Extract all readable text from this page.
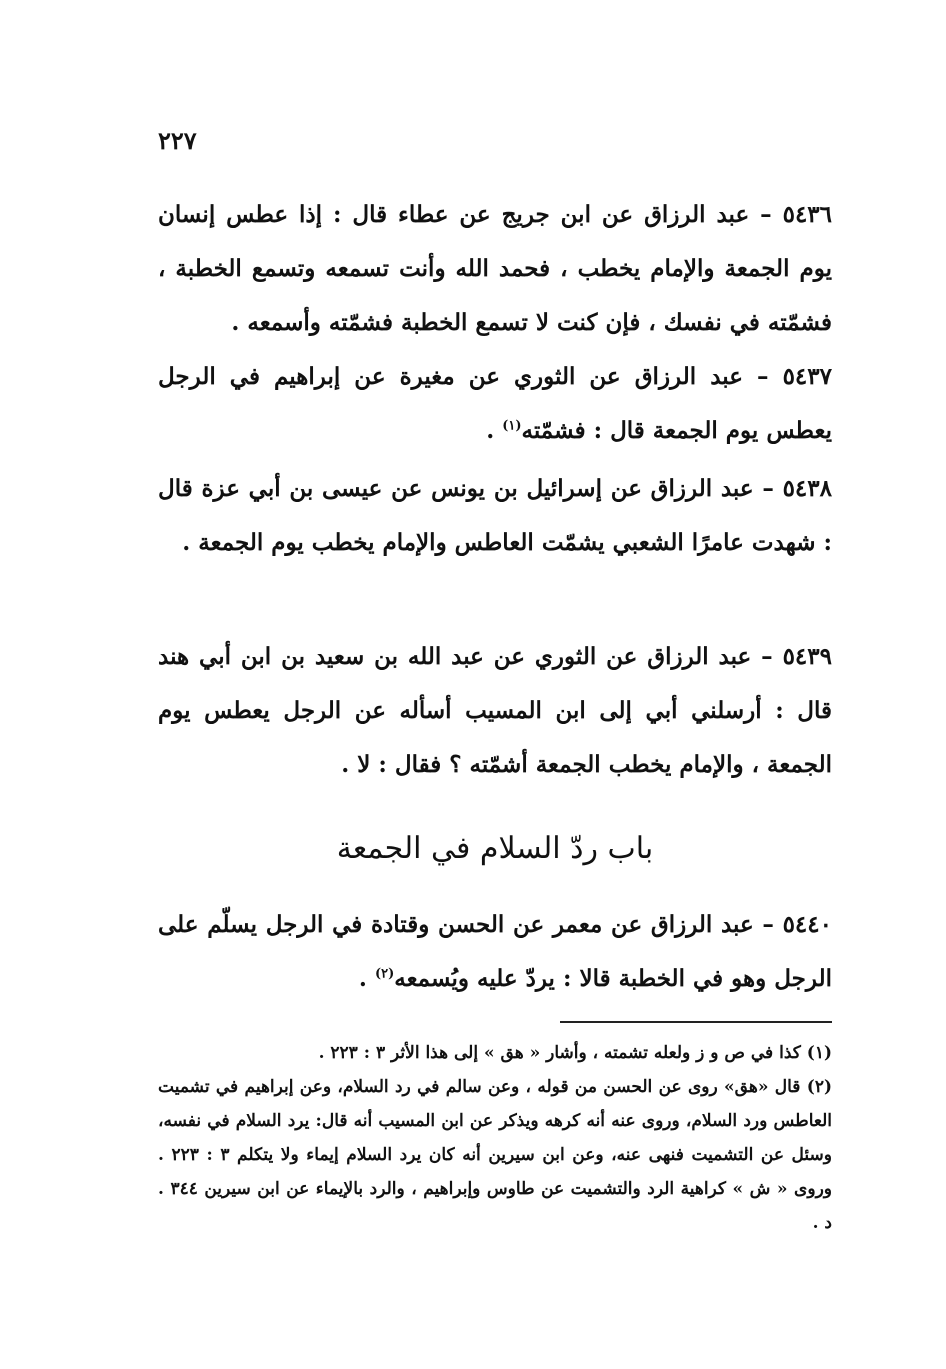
٢٢٧
٥٤٣٦ – عبد الرزاق عن ابن جريج عن عطاء قال : إذا عطس إنسان يوم الجمعة والإمام يخطب ، فحمد الله وأنت تسمعه وتسمع الخطبة ، فشمّته في نفسك ، فإن كنت لا تسمع الخطبة فشمّته وأسمعه .
٥٤٣٧ – عبد الرزاق عن الثوري عن مغيرة عن إبراهيم في الرجل يعطس يوم الجمعة قال : فشمّته$^{(١)}$ .
٥٤٣٨ – عبد الرزاق عن إسرائيل بن يونس عن عيسى بن أبي عزة قال : شهدت عامرًا الشعبي يشمّت العاطس والإمام يخطب يوم الجمعة .
٥٤٣٩ – عبد الرزاق عن الثوري عن عبد الله بن سعيد بن ابن أبي هند قال : أرسلني أبي إلى ابن المسيب أسأله عن الرجل يعطس يوم الجمعة ، والإمام يخطب الجمعة أشمّته ؟ فقال : لا .
باب ردّ السلام في الجمعة
٥٤٤٠ – عبد الرزاق عن معمر عن الحسن وقتادة في الرجل يسلّم على الرجل وهو في الخطبة قالا : يردّ عليه ويُسمعه$^{(٢)}$ .

(١) كذا في ص و ز ولعله تشمته ، وأشار « هق » إلى هذا الأثر ٣ : ٢٢٣ .

(٢) قال «هق» روى عن الحسن من قوله ، وعن سالم في رد السلام، وعن إبراهيم في تشميت العاطس ورد السلام، وروى عنه أنه كرهه ويذكر عن ابن المسيب أنه قال: يرد السلام في نفسه، وسئل عن التشميت فنهى عنه، وعن ابن سيرين أنه كان يرد السلام إيماء ولا يتكلم ٣ : ٢٢٣ . وروى « ش » كراهية الرد والتشميت عن طاوس وإبراهيم ، والرد بالإيماء عن ابن سيرين ٣٤٤ . د .
